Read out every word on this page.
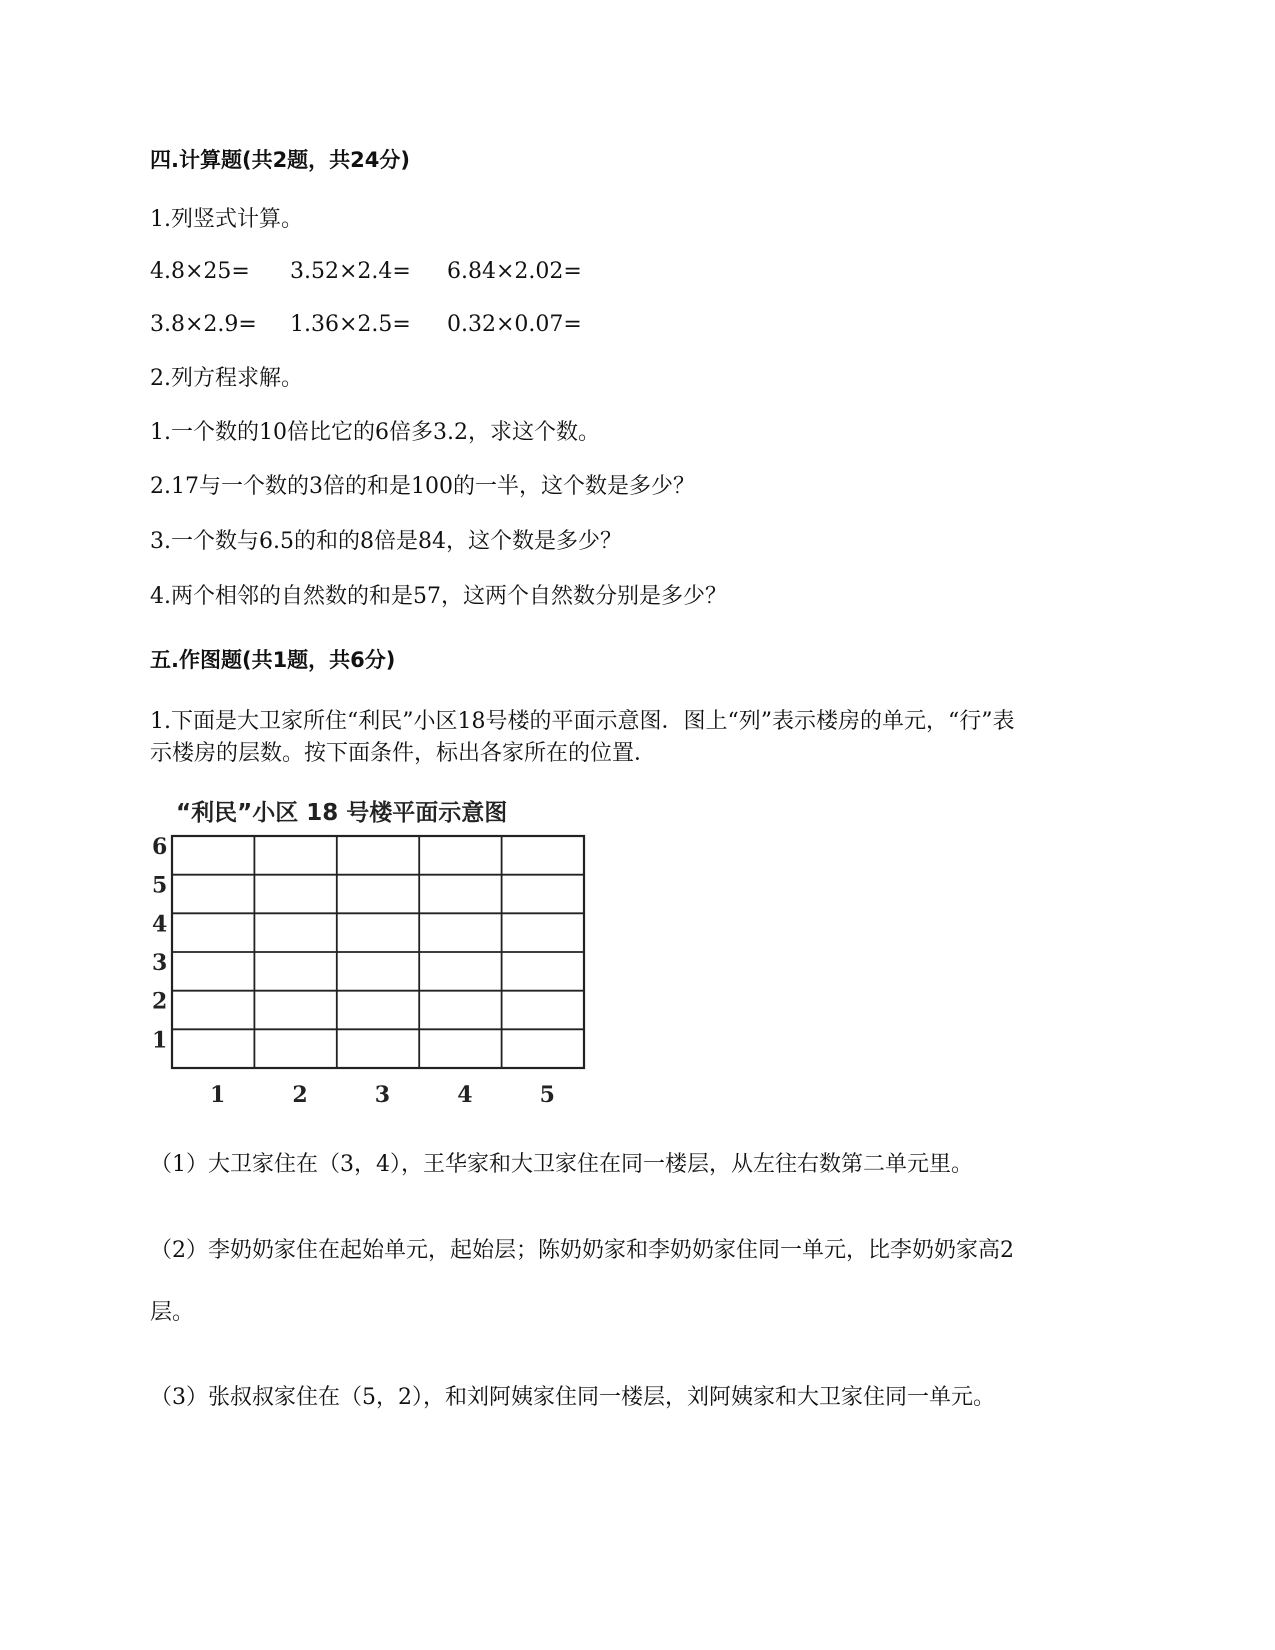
四.计算题(共2题，共24分)
1.列竖式计算。
4.8×25= 3.52×2.4= 6.84×2.02=
3.8×2.9= 1.36×2.5= 0.32×0.07=
2.列方程求解。
1.一个数的10倍比它的6倍多3.2，求这个数。
2.17与一个数的3倍的和是100的一半，这个数是多少？
3.一个数与6.5的和的8倍是84，这个数是多少？
4.两个相邻的自然数的和是57，这两个自然数分别是多少？
五.作图题(共1题，共6分)
1.下面是大卫家所住“利民”小区18号楼的平面示意图．图上“列”表示楼房的单元，“行”表
示楼房的层数。按下面条件，标出各家所在的位置．
“利民”小区 18 号楼平面示意图
6
5
4
3
2
1
1	2	3	4	5
（1）大卫家住在（3，4），王华家和大卫家住在同一楼层，从左往右数第二单元里。
（2）李奶奶家住在起始单元，起始层；陈奶奶家和李奶奶家住同一单元，比李奶奶家高2
层。
（3）张叔叔家住在（5，2），和刘阿姨家住同一楼层，刘阿姨家和大卫家住同一单元。
